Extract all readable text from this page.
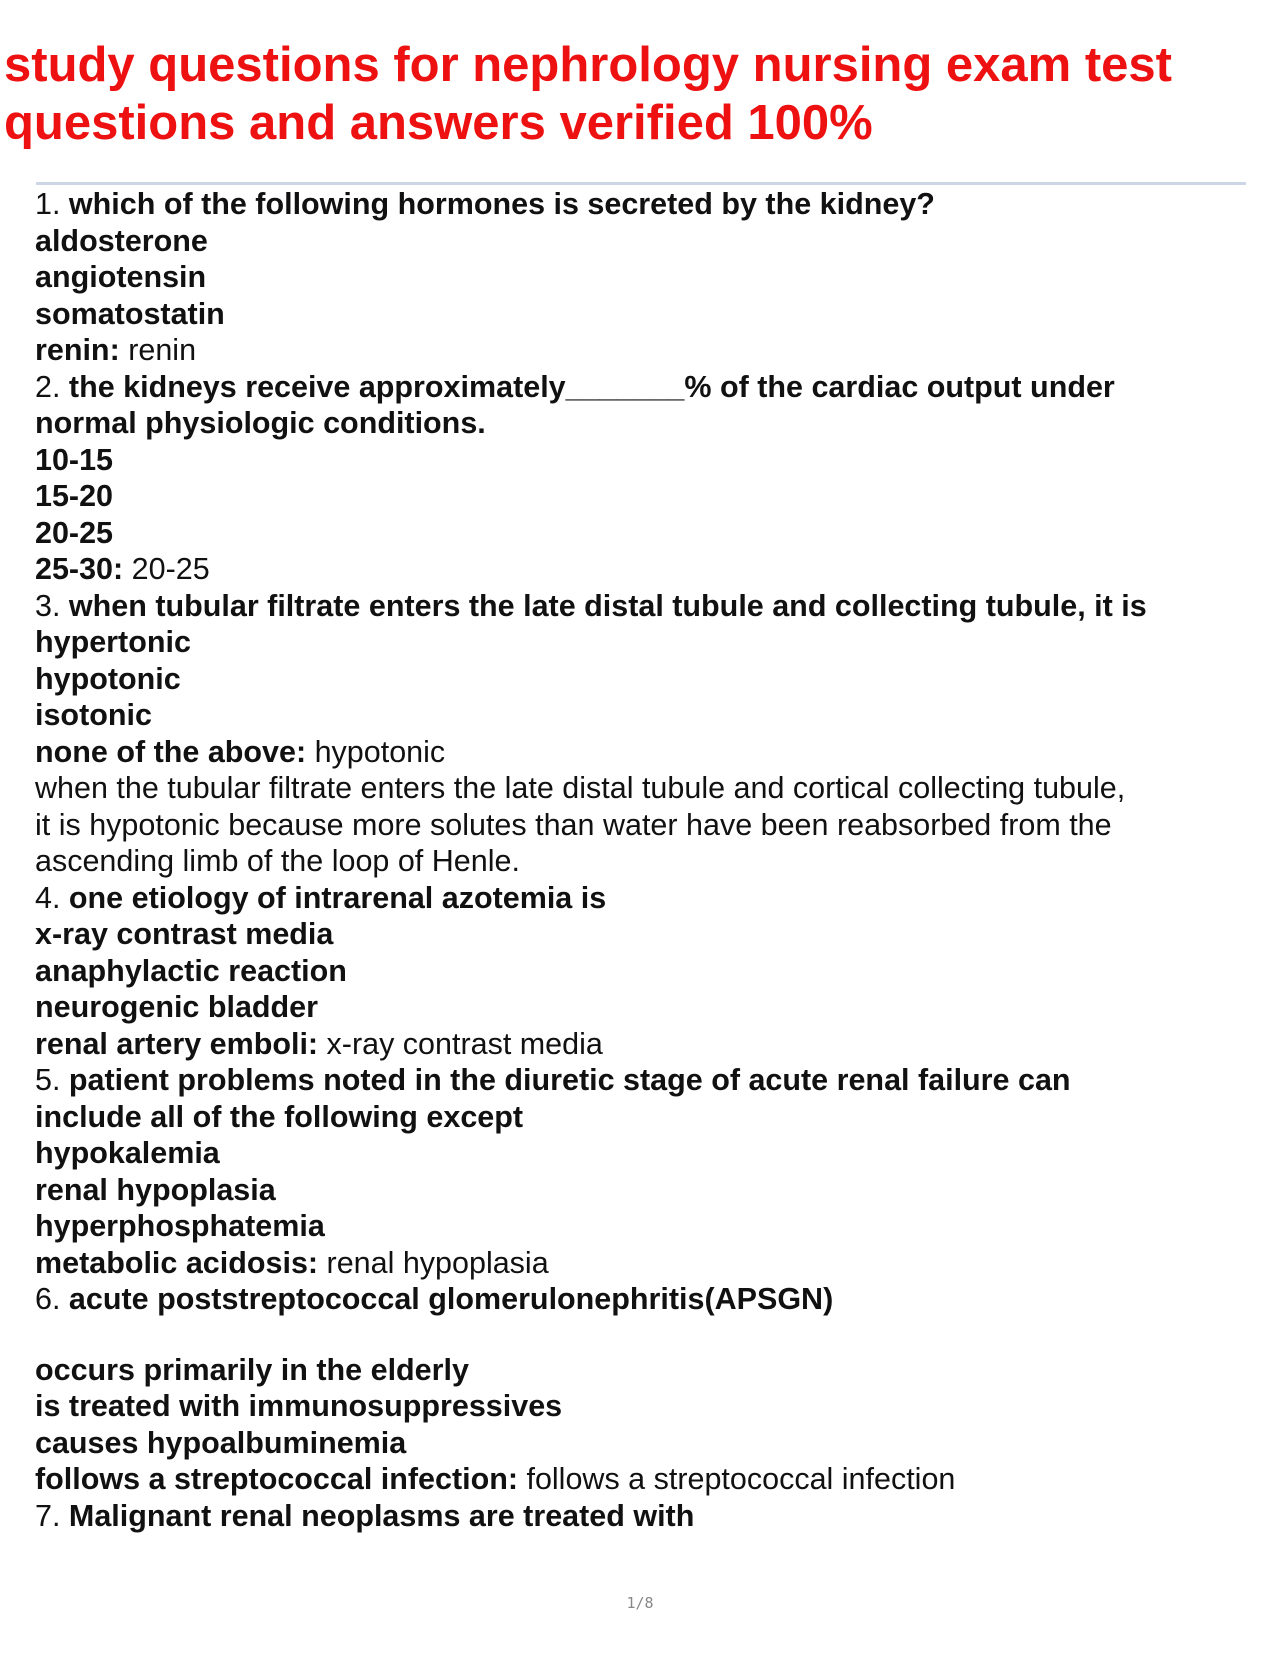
study questions for nephrology nursing exam test
questions and answers verified 100%
1. which of the following hormones is secreted by the kidney?
aldosterone
angiotensin
somatostatin
renin: renin
2. the kidneys receive approximately_______% of the cardiac output under
normal physiologic conditions.
10-15
15-20
20-25
25-30: 20-25
3. when tubular filtrate enters the late distal tubule and collecting tubule, it is
hypertonic
hypotonic
isotonic
none of the above: hypotonic
when the tubular filtrate enters the late distal tubule and cortical collecting tubule,
it is hypotonic because more solutes than water have been reabsorbed from the
ascending limb of the loop of Henle.
4. one etiology of intrarenal azotemia is
x-ray contrast media
anaphylactic reaction
neurogenic bladder
renal artery emboli: x-ray contrast media
5. patient problems noted in the diuretic stage of acute renal failure can
include all of the following except
hypokalemia
renal hypoplasia
hyperphosphatemia
metabolic acidosis: renal hypoplasia
6. acute poststreptococcal glomerulonephritis(APSGN)
occurs primarily in the elderly
is treated with immunosuppressives
causes hypoalbuminemia
follows a streptococcal infection: follows a streptococcal infection
7. Malignant renal neoplasms are treated with
1/8
